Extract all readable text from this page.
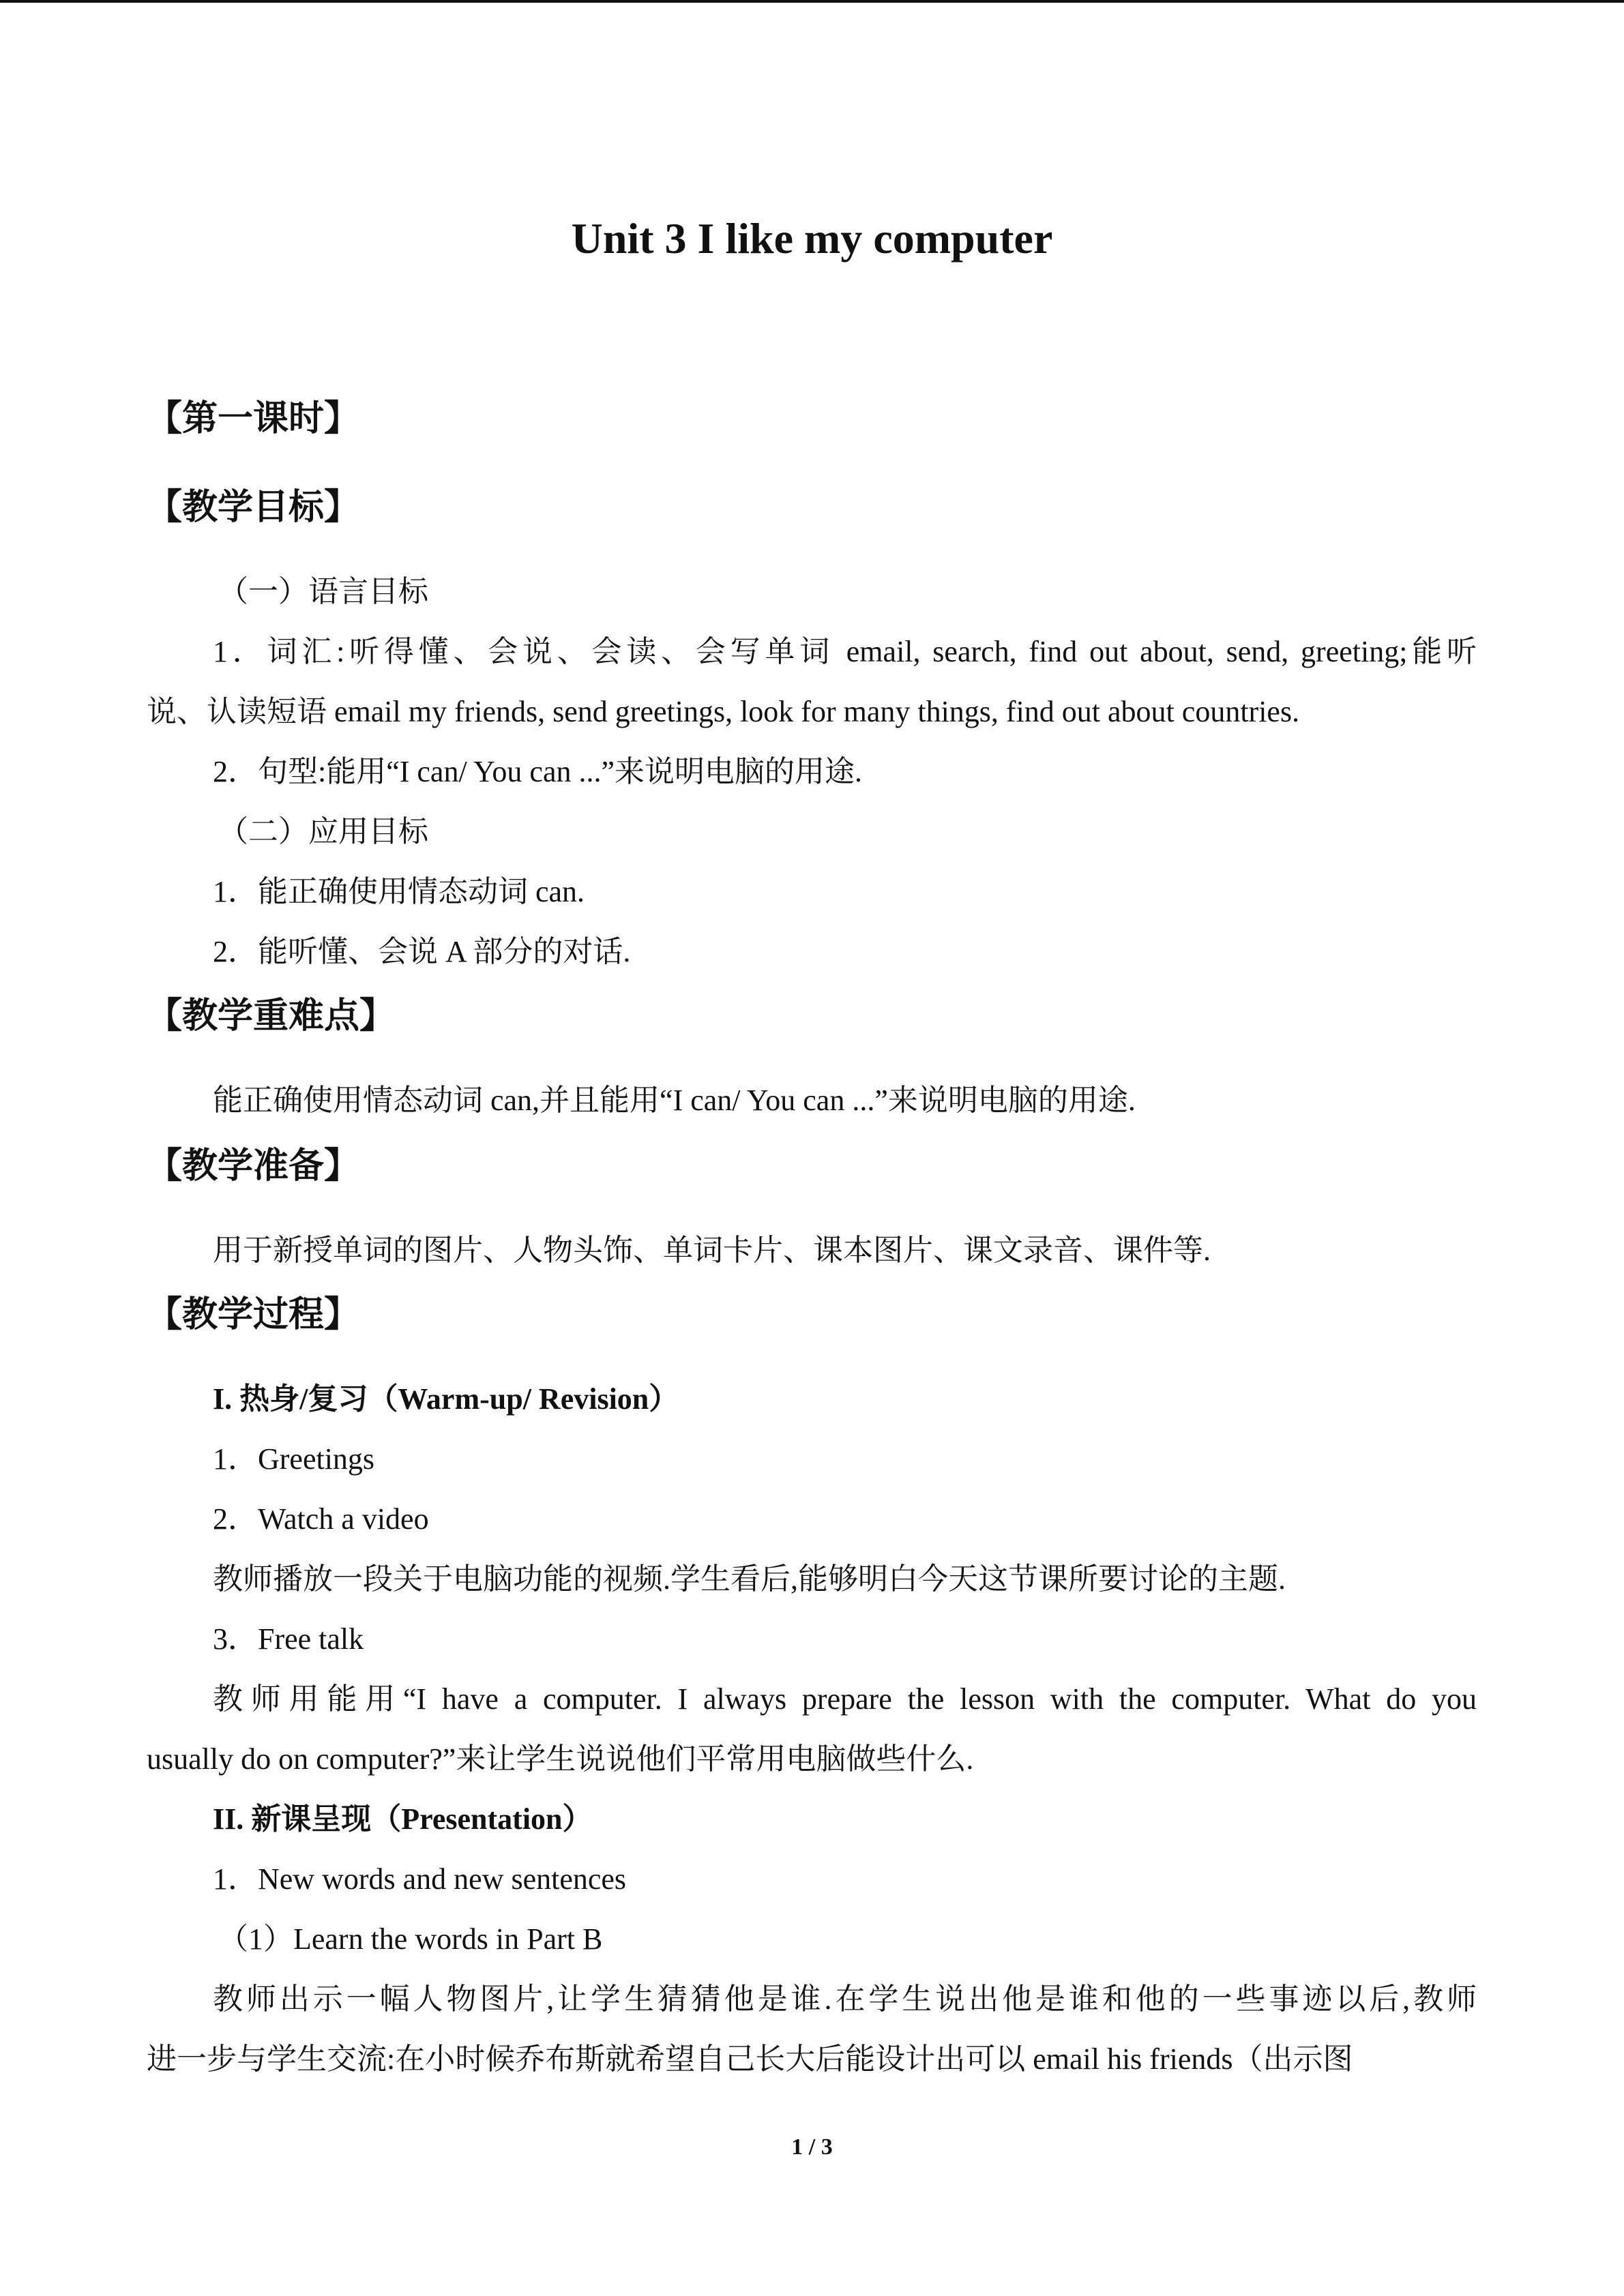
Unit 3 I like my computer
【第一课时】
【教学目标】
（一）语言目标
1．词汇:听得懂、会说、会读、会写单词 email, search, find out about, send, greeting;能听
说、认读短语 email my friends, send greetings, look for many things, find out about countries.
2．句型:能用“I can/ You can ...”来说明电脑的用途.
（二）应用目标
1．能正确使用情态动词 can.
2．能听懂、会说 A 部分的对话.
【教学重难点】
能正确使用情态动词 can,并且能用“I can/ You can ...”来说明电脑的用途.
【教学准备】
用于新授单词的图片、人物头饰、单词卡片、课本图片、课文录音、课件等.
【教学过程】
I. 热身/复习（Warm-up/ Revision）
1．Greetings
2．Watch a video
教师播放一段关于电脑功能的视频.学生看后,能够明白今天这节课所要讨论的主题.
3．Free talk
教师用能用“I have a computer. I always prepare the lesson with the computer. What do you
usually do on computer?”来让学生说说他们平常用电脑做些什么.
II. 新课呈现（Presentation）
1．New words and new sentences
（1）Learn the words in Part B
教师出示一幅人物图片,让学生猜猜他是谁.在学生说出他是谁和他的一些事迹以后,教师
进一步与学生交流:在小时候乔布斯就希望自己长大后能设计出可以 email his friends（出示图
1 / 3
